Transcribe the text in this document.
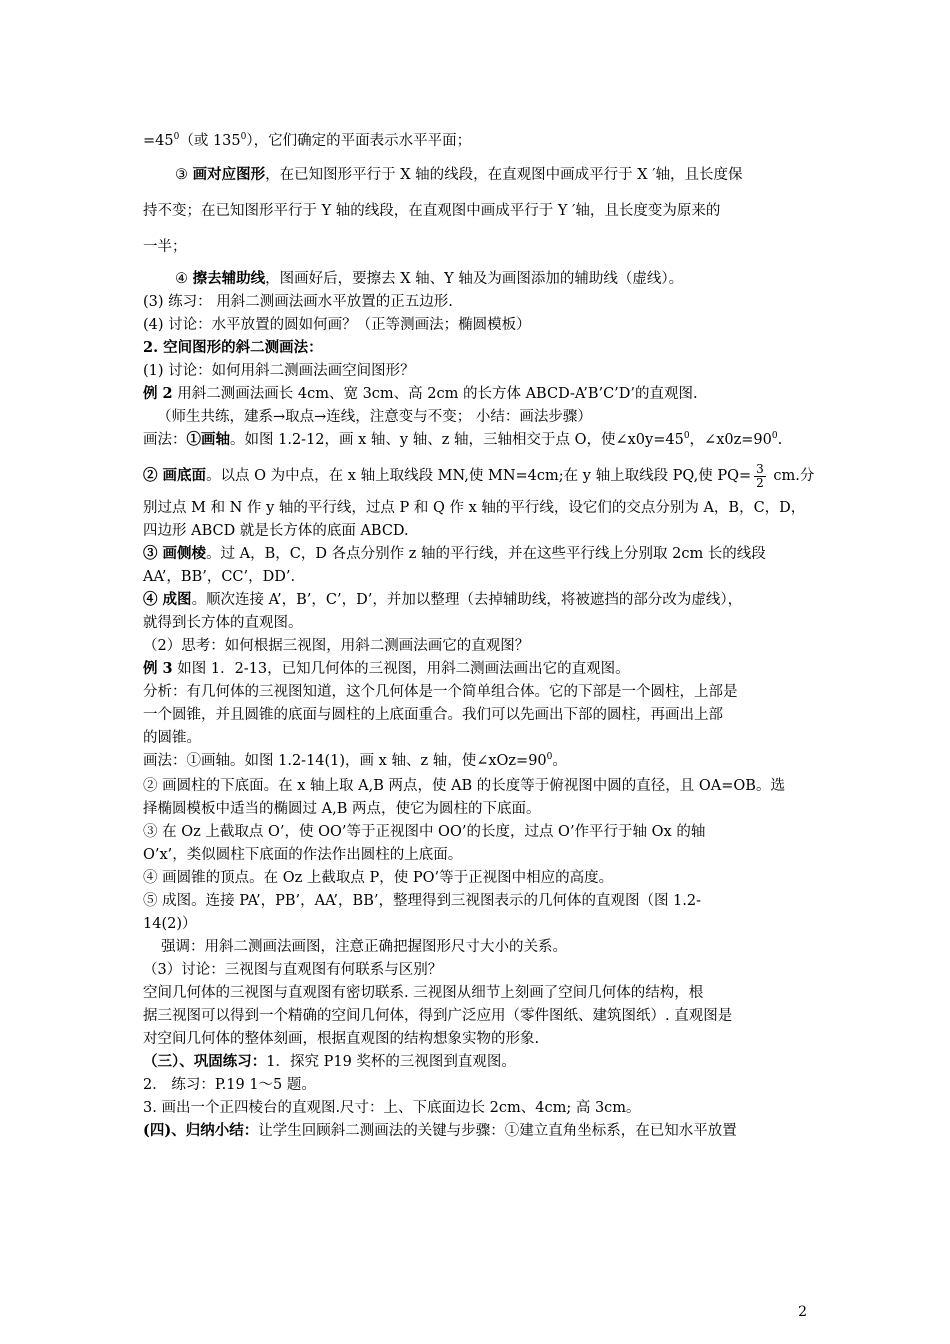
$=45^0$（或 $135^0$），它们确定的平面表示水平平面；

③ 画对应图形，在已知图形平行于 X 轴的线段，在直观图中画成平行于 X ′轴，且长度保

持不变；在已知图形平行于 Y 轴的线段，在直观图中画成平行于 Y ′轴，且长度变为原来的

一半；

④ 擦去辅助线，图画好后，要擦去 X 轴、Y 轴及为画图添加的辅助线（虚线）。

(3) 练习： 用斜二测画法画水平放置的正五边形.

(4) 讨论：水平放置的圆如何画？（正等测画法；椭圆模板）

2. 空间图形的斜二测画法：

(1) 讨论：如何用斜二测画法画空间图形？

例 2 用斜二测画法画长 4cm、宽 3cm、高 2cm 的长方体 ABCD-A’B’C’D’的直观图.

（师生共练，建系→取点→连线，注意变与不变； 小结：画法步骤）

画法：①画轴。如图 1.2-12，画 x 轴、y 轴、z 轴，三轴相交于点 O，使$\angle x0y=45^0$，$\angle x0z=90^0$.

② 画底面。以点 O 为中点，在 x 轴上取线段 MN,使 MN=4cm;在 y 轴上取线段 PQ,使 $PQ= \frac{3}{2}$ cm.分

别过点 M 和 N 作 y 轴的平行线，过点 P 和 Q 作 x 轴的平行线，设它们的交点分别为 A，B，C，D，

四边形 ABCD 就是长方体的底面 ABCD.

③ 画侧棱。过 A，B，C，D 各点分别作 z 轴的平行线，并在这些平行线上分别取 2cm 长的线段

AA’，BB’，CC’，DD’.

④ 成图。顺次连接 A’，B’，C’，D’，并加以整理（去掉辅助线，将被遮挡的部分改为虚线），

就得到长方体的直观图。

（2）思考：如何根据三视图，用斜二测画法画它的直观图？

例 3 如图 1．2-13，已知几何体的三视图，用斜二测画法画出它的直观图。

分析：有几何体的三视图知道，这个几何体是一个简单组合体。它的下部是一个圆柱，上部是

一个圆锥，并且圆锥的底面与圆柱的上底面重合。我们可以先画出下部的圆柱，再画出上部

的圆锥。

画法：①画轴。如图 1.2-14(1)，画 x 轴、z 轴，使$\angle xOz=90^0$。

② 画圆柱的下底面。在 x 轴上取 A,B 两点，使 AB 的长度等于俯视图中圆的直径，且 OA=OB。选

择椭圆模板中适当的椭圆过 A,B 两点，使它为圆柱的下底面。

③ 在 Oz 上截取点 O’，使 OO’等于正视图中 OO’的长度，过点 O’作平行于轴 Ox 的轴

O’x’，类似圆柱下底面的作法作出圆柱的上底面。

④ 画圆锥的顶点。在 Oz 上截取点 P，使 PO’等于正视图中相应的高度。

⑤ 成图。连接 PA’，PB’，AA’，BB’，整理得到三视图表示的几何体的直观图（图 1.2-

14(2)）

强调：用斜二测画法画图，注意正确把握图形尺寸大小的关系。

（3）讨论：三视图与直观图有何联系与区别？

空间几何体的三视图与直观图有密切联系. 三视图从细节上刻画了空间几何体的结构，根

据三视图可以得到一个精确的空间几何体，得到广泛应用（零件图纸、建筑图纸）. 直观图是

对空间几何体的整体刻画，根据直观图的结构想象实物的形象.

（三）、巩固练习：1．探究 P19 奖杯的三视图到直观图。

2． 练习：P.19 1～5 题。

3. 画出一个正四棱台的直观图.尺寸：上、下底面边长 2cm、4cm; 高 3cm。

(四)、归纳小结：让学生回顾斜二测画法的关键与步骤：①建立直角坐标系，在已知水平放置

2
